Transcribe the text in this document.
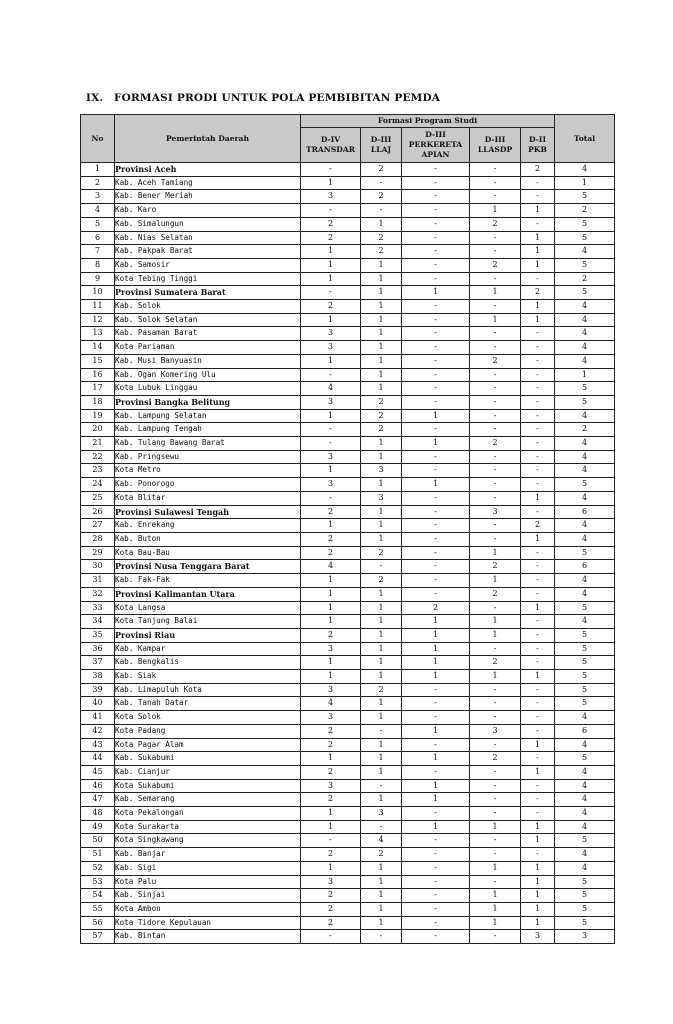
IX. FORMASI PRODI UNTUK POLA PEMBIBITAN PEMDA
No	Pemerintah Daerah	Formasi Program Studi					Total
		D-IV TRANSDAR	D-III LLAJ	D-III PERKERETA APIAN	D-III LLASDP	D-II PKB	
1	Provinsi Aceh	-	2	-	-	2	4
2	Kab. Aceh Tamiang	1	-	-	-	-	1
3	Kab. Bener Meriah	3	2	-	-	-	5
4	Kab. Karo	-	-	-	1	1	2
5	Kab. Simalungun	2	1	-	2	-	5
6	Kab. Nias Selatan	2	2	-	-	1	5
7	Kab. Pakpak Barat	1	2	-	-	1	4
8	Kab. Samosir	1	1	-	2	1	5
9	Kota Tebing Tinggi	1	1	-	-	-	2
10	Provinsi Sumatera Barat	-	1	1	1	2	5
11	Kab. Solok	2	1	-	-	1	4
12	Kab. Solok Selatan	1	1	-	1	1	4
13	Kab. Pasaman Barat	3	1	-	-	-	4
14	Kota Pariaman	3	1	-	-	-	4
15	Kab. Musi Banyuasin	1	1	-	2	-	4
16	Kab. Ogan Komering Ulu	-	1	-	-	-	1
17	Kota Lubuk Linggau	4	1	-	-	-	5
18	Provinsi Bangka Belitung	3	2	-	-	-	5
19	Kab. Lampung Selatan	1	2	1	-	-	4
20	Kab. Lampung Tengah	-	2	-	-	-	2
21	Kab. Tulang Bawang Barat	-	1	1	2	-	4
22	Kab. Pringsewu	3	1	-	-	-	4
23	Kota Metro	1	3	-	-	-	4
24	Kab. Ponorogo	3	1	1	-	-	5
25	Kota Blitar	-	3	-	-	1	4
26	Provinsi Sulawesi Tengah	2	1	-	3	-	6
27	Kab. Enrekang	1	1	-	-	2	4
28	Kab. Buton	2	1	-	-	1	4
29	Kota Bau-Bau	2	2	-	1	-	5
30	Provinsi Nusa Tenggara Barat	4	-	-	2	-	6
31	Kab. Fak-Fak	1	2	-	1	-	4
32	Provinsi Kalimantan Utara	1	1	-	2	-	4
33	Kota Langsa	1	1	2	-	1	5
34	Kota Tanjung Balai	1	1	1	1	-	4
35	Provinsi Riau	2	1	1	1	-	5
36	Kab. Kampar	3	1	1	-	-	5
37	Kab. Bengkalis	1	1	1	2	-	5
38	Kab. Siak	1	1	1	1	1	5
39	Kab. Limapuluh Kota	3	2	-	-	-	5
40	Kab. Tanah Datar	4	1	-	-	-	5
41	Kota Solok	3	1	-	-	-	4
42	Kota Padang	2	-	1	3	-	6
43	Kota Pagar Alam	2	1	-	-	1	4
44	Kab. Sukabumi	1	1	1	2	-	5
45	Kab. Cianjur	2	1	-	-	1	4
46	Kota Sukabumi	3	-	1	-	-	4
47	Kab. Semarang	2	1	1	-	-	4
48	Kota Pekalongan	1	3	-	-	-	4
49	Kota Surakarta	1	-	1	1	1	4
50	Kota Singkawang	-	4	-	-	1	5
51	Kab. Banjar	2	2	-	-	-	4
52	Kab. Sigi	1	1	-	1	1	4
53	Kota Palu	3	1	-	-	1	5
54	Kab. Sinjai	2	1	-	1	1	5
55	Kota Ambon	2	1	-	1	1	5
56	Kota Tidore Kepulauan	2	1	-	1	1	5
57	Kab. Bintan	-	-	-	-	3	3
